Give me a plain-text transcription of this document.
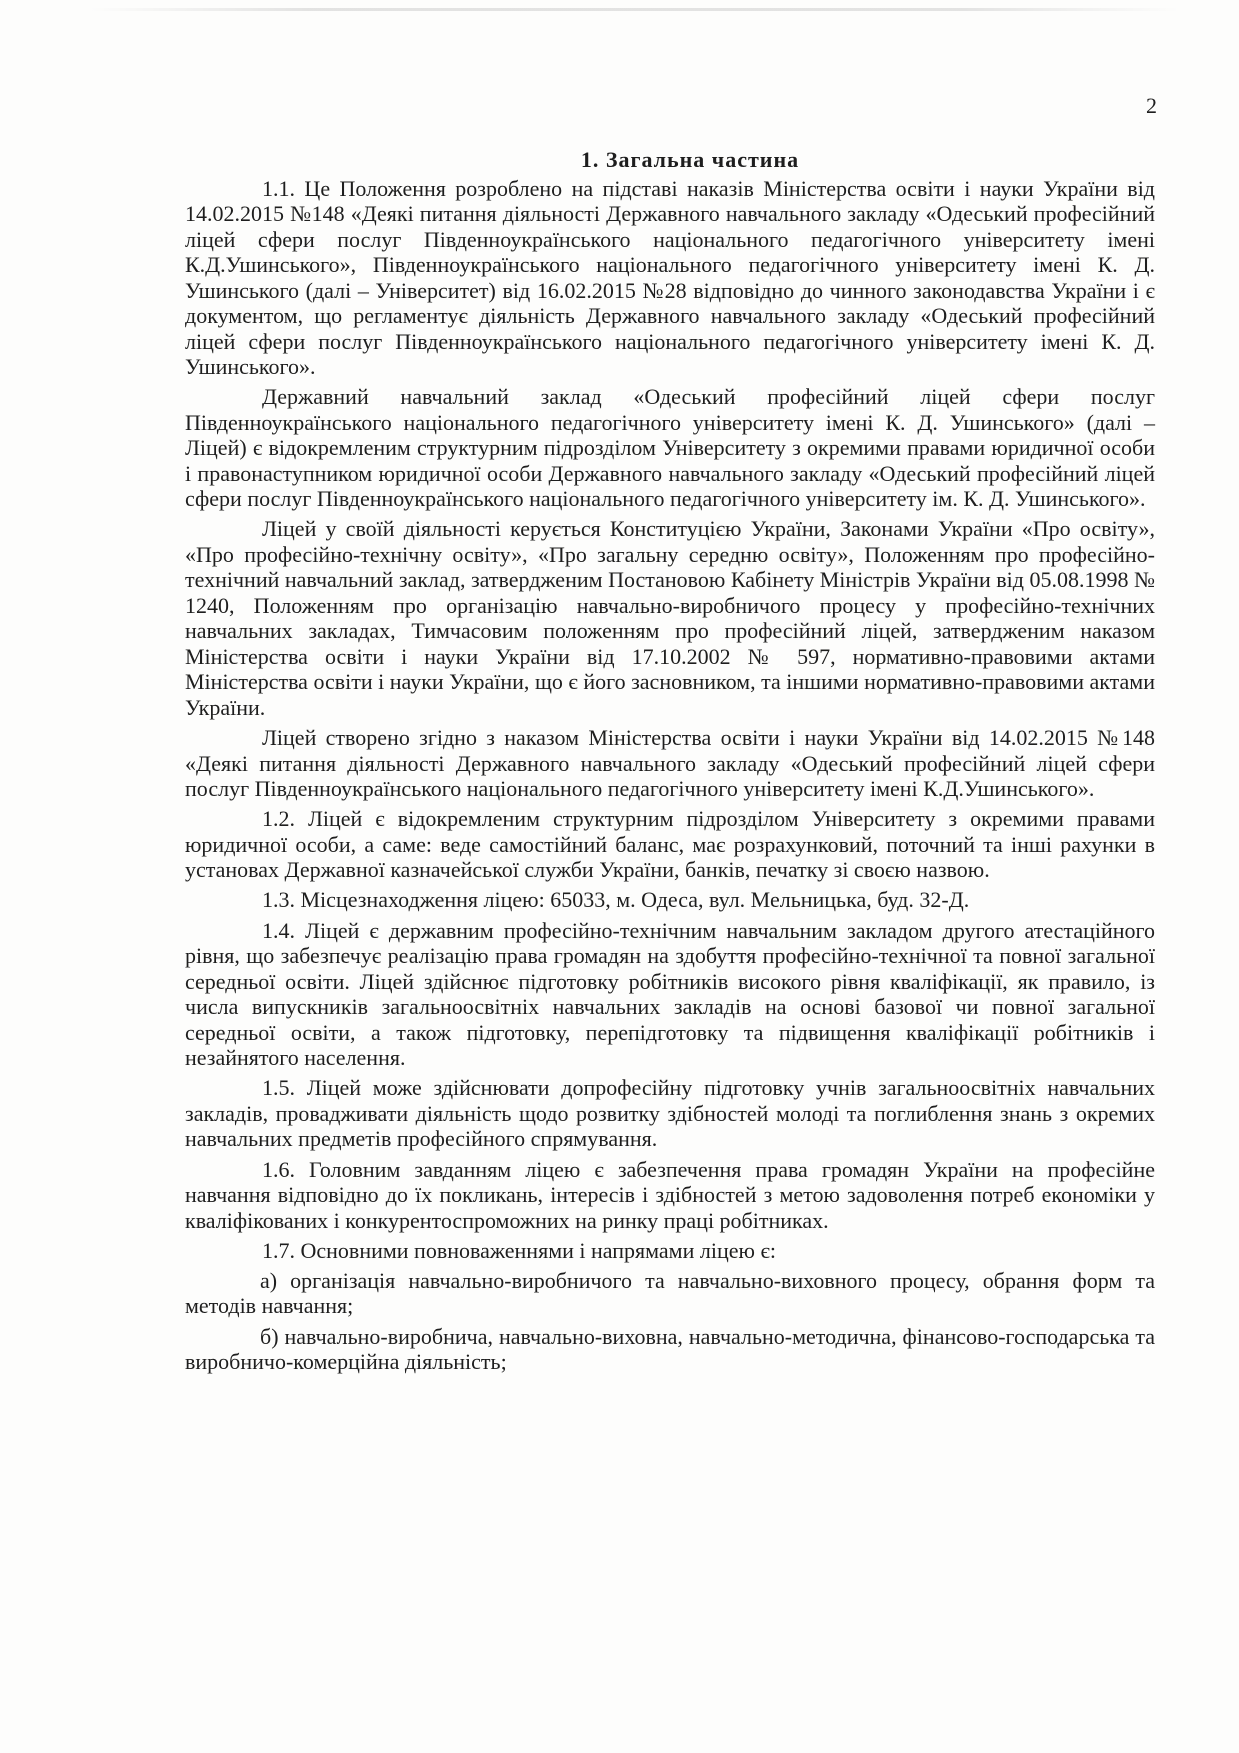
2
1. Загальна частина

1.1. Це Положення розроблено на підставі наказів Міністерства освіти і науки України від 14.02.2015 №148 «Деякі питання діяльності Державного навчального закладу «Одеський професійний ліцей сфери послуг Південноукраїнського національного педагогічного університету імені К.Д.Ушинського», Південноукраїнського національного педагогічного університету імені К. Д. Ушинського (далі – Університет) від 16.02.2015 №28 відповідно до чинного законодавства України і є документом, що регламентує діяльність Державного навчального закладу «Одеський професійний ліцей сфери послуг Південноукраїнського національного педагогічного університету імені К. Д. Ушинського».

Державний навчальний заклад «Одеський професійний ліцей сфери послуг Південноукраїнського національного педагогічного університету імені К. Д. Ушинського» (далі – Ліцей) є відокремленим структурним підрозділом Університету з окремими правами юридичної особи і правонаступником юридичної особи Державного навчального закладу «Одеський професійний ліцей сфери послуг Південноукраїнського національного педагогічного університету ім. К. Д. Ушинського».

Ліцей у своїй діяльності керується Конституцією України, Законами України «Про освіту», «Про професійно-технічну освіту», «Про загальну середню освіту», Положенням про професійно-технічний навчальний заклад, затвердженим Постановою Кабінету Міністрів України від 05.08.1998 № 1240, Положенням про організацію навчально-виробничого процесу у професійно-технічних навчальних закладах, Тимчасовим положенням про професійний ліцей, затвердженим наказом Міністерства освіти і науки України від 17.10.2002 № 597, нормативно-правовими актами Міністерства освіти і науки України, що є його засновником, та іншими нормативно-правовими актами України.

Ліцей створено згідно з наказом Міністерства освіти і науки України від 14.02.2015 №148 «Деякі питання діяльності Державного навчального закладу «Одеський професійний ліцей сфери послуг Південноукраїнського національного педагогічного університету імені К.Д.Ушинського».

1.2. Ліцей є відокремленим структурним підрозділом Університету з окремими правами юридичної особи, а саме: веде самостійний баланс, має розрахунковий, поточний та інші рахунки в установах Державної казначейської служби України, банків, печатку зі своєю назвою.

1.3. Місцезнаходження ліцею: 65033, м. Одеса, вул. Мельницька, буд. 32-Д.

1.4. Ліцей є державним професійно-технічним навчальним закладом другого атестаційного рівня, що забезпечує реалізацію права громадян на здобуття професійно-технічної та повної загальної середньої освіти. Ліцей здійснює підготовку робітників високого рівня кваліфікації, як правило, із числа випускників загальноосвітніх навчальних закладів на основі базової чи повної загальної середньої освіти, а також підготовку, перепідготовку та підвищення кваліфікації робітників і незайнятого населення.

1.5. Ліцей може здійснювати допрофесійну підготовку учнів загальноосвітніх навчальних закладів, провадживати діяльність щодо розвитку здібностей молоді та поглиблення знань з окремих навчальних предметів професійного спрямування.

1.6. Головним завданням ліцею є забезпечення права громадян України на професійне навчання відповідно до їх покликань, інтересів і здібностей з метою задоволення потреб економіки у кваліфікованих і конкурентоспроможних на ринку праці робітниках.

1.7. Основними повноваженнями і напрямами ліцею є:

а) організація навчально-виробничого та навчально-виховного процесу, обрання форм та методів навчання;

б) навчально-виробнича, навчально-виховна, навчально-методична, фінансово-господарська та виробничо-комерційна діяльність;
